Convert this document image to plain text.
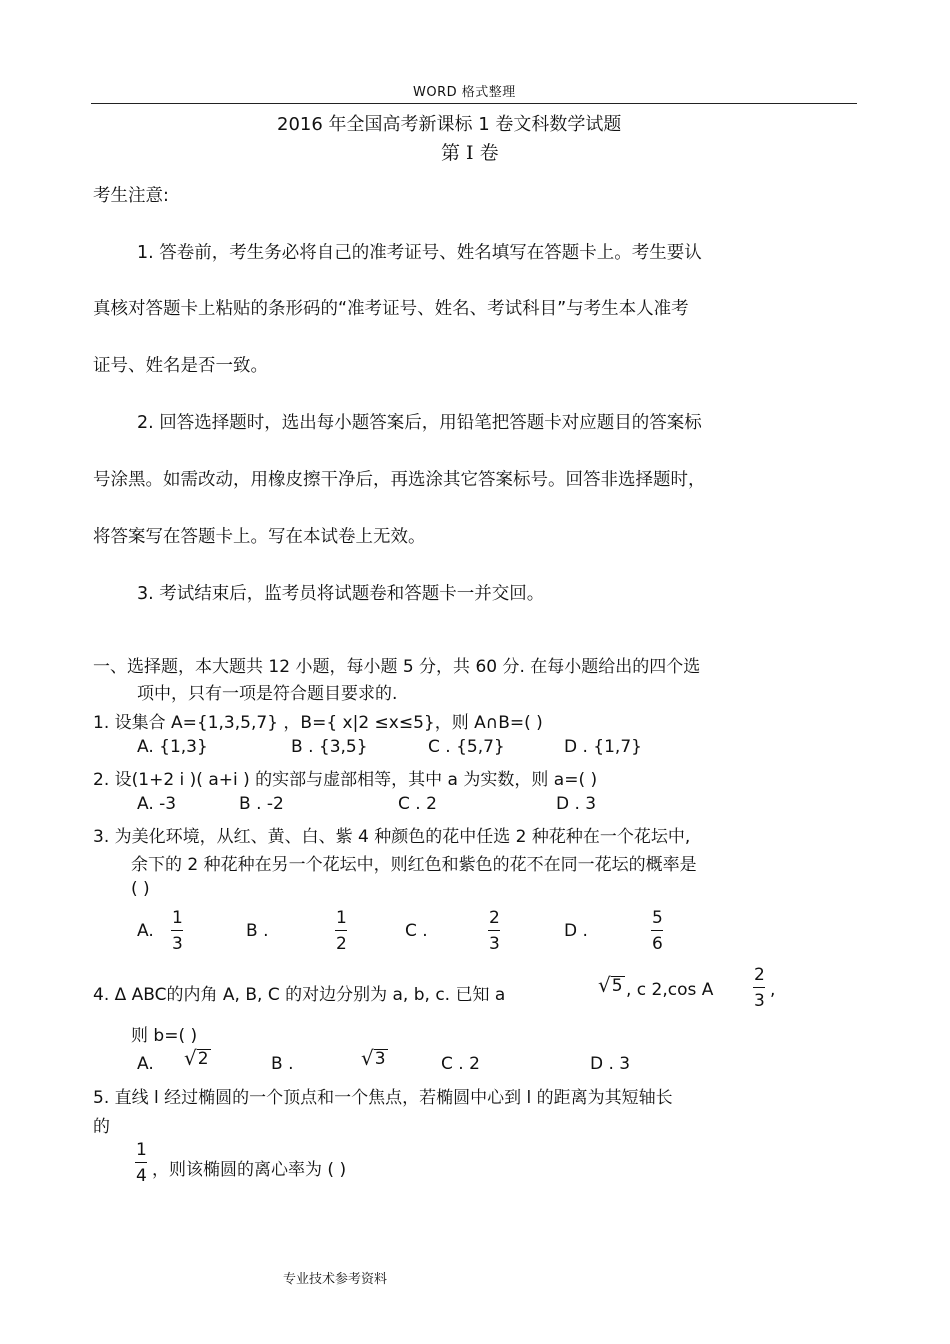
WORD 格式整理
2016 年全国高考新课标 1 卷文科数学试题
第 I 卷
考生注意:
1. 答卷前，考生务必将自己的准考证号、姓名填写在答题卡上。考生要认
真核对答题卡上粘贴的条形码的“准考证号、姓名、考试科目”与考生本人准考
证号、姓名是否一致。
2. 回答选择题时，选出每小题答案后，用铅笔把答题卡对应题目的答案标
号涂黑。如需改动，用橡皮擦干净后，再选涂其它答案标号。回答非选择题时，
将答案写在答题卡上。写在本试卷上无效。
3. 考试结束后，监考员将试题卷和答题卡一并交回。
一、选择题，本大题共 12 小题，每小题 5 分，共 60 分. 在每小题给出的四个选
项中，只有一项是符合题目要求的.
1. 设集合 A={1,3,5,7} ，B={ x|2 ≤x≤5}，则 A∩B=( )
A. {1,3}	B . {3,5}	C . {5,7}	D . {1,7}
2. 设(1+2 i )( a+i ) 的实部与虚部相等，其中 a 为实数，则 a=( )
A. -3	B . -2	C . 2	D . 3
3. 为美化环境，从红、黄、白、紫 4 种颜色的花中任选 2 种花种在一个花坛中,
余下的 2 种花种在另一个花坛中，则红色和紫色的花不在同一花坛的概率是
( )
A.
1
3
B .
1
2
C .
2
3
D .
5
6
4. Δ ABC的内角 A, B, C 的对边分别为 a, b, c. 已知 a	√ 5 , c 2,cos A
2
3
,
则 b=( )
A. √ 2	B .	√ 3	C . 2	D . 3
5. 直线 l 经过椭圆的一个顶点和一个焦点，若椭圆中心到 l 的距离为其短轴长
的
1
4 ，则该椭圆的离心率为 ( )
专业技术参考资料
